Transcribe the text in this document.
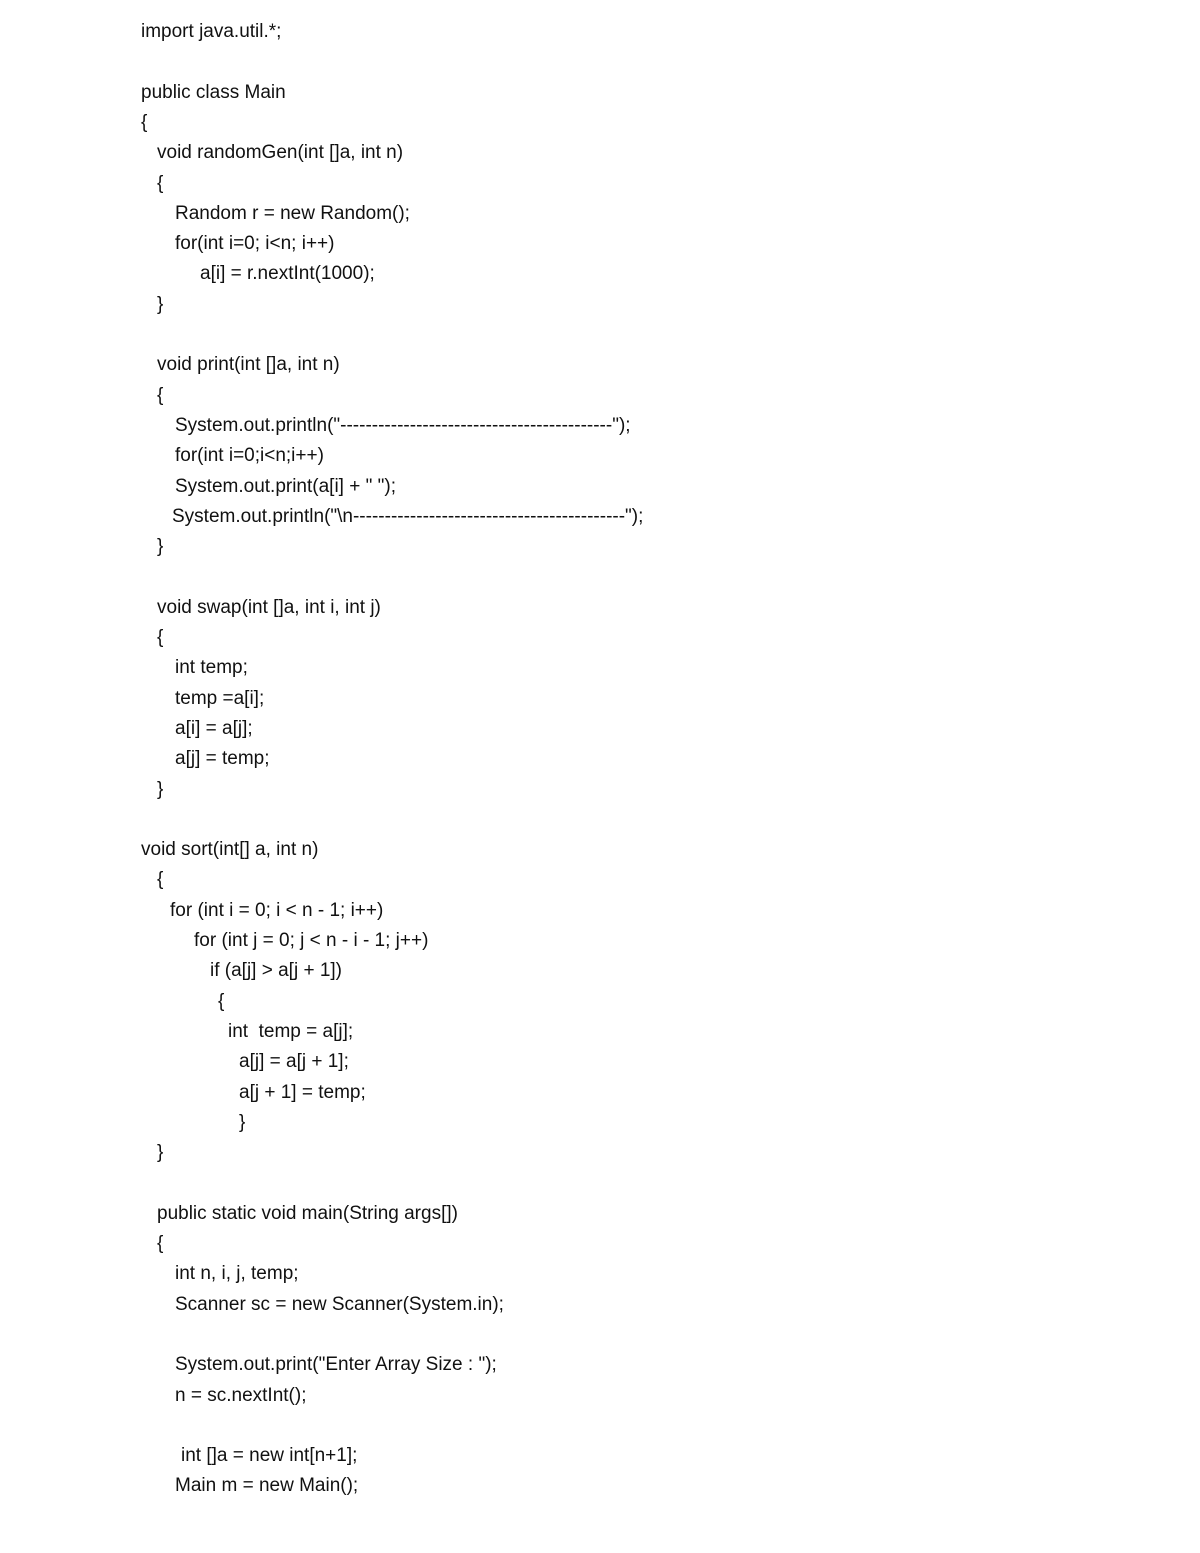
import java.util.*;
public class Main
{
void randomGen(int []a, int n)
{
Random r = new Random();
for(int i=0; i<n; i++)
a[i] = r.nextInt(1000);
}
void print(int []a, int n)
{
System.out.println("-------------------------------------------");
for(int i=0;i<n;i++)
System.out.print(a[i] + " ");
System.out.println("\n-------------------------------------------");
}
void swap(int []a, int i, int j)
{
int temp;
temp =a[i];
a[i] = a[j];
a[j] = temp;
}
void sort(int[] a, int n)
{
for (int i = 0; i < n - 1; i++)
for (int j = 0; j < n - i - 1; j++)
if (a[j] > a[j + 1])
{
int  temp = a[j];
a[j] = a[j + 1];
a[j + 1] = temp;
}
}
public static void main(String args[])
{
int n, i, j, temp;
Scanner sc = new Scanner(System.in);
System.out.print("Enter Array Size : ");
n = sc.nextInt();
int []a = new int[n+1];
Main m = new Main();
